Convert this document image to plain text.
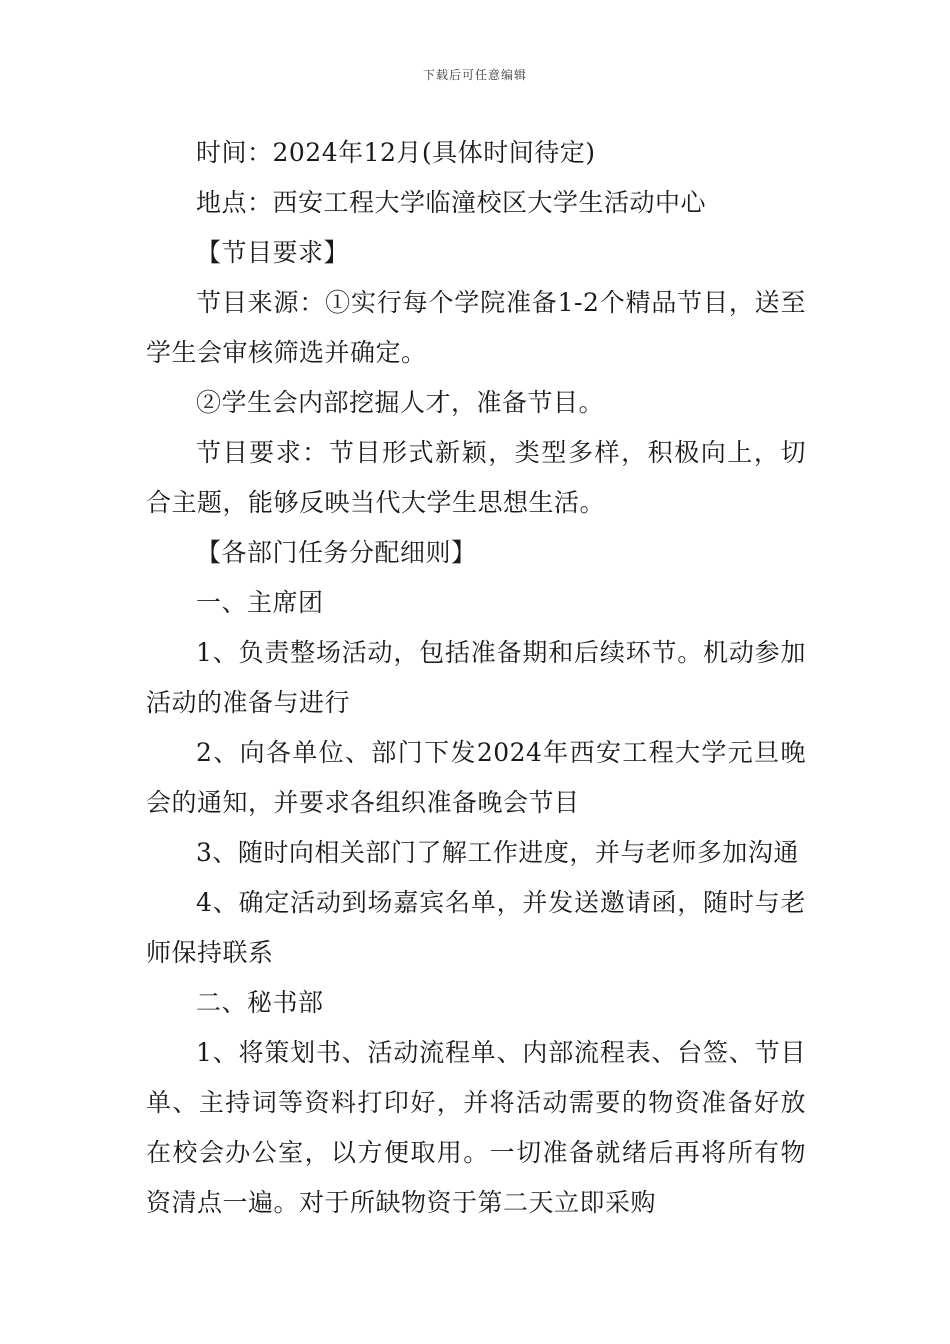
下载后可任意编辑

时间：2024年12月(具体时间待定)

地点：西安工程大学临潼校区大学生活动中心

【节目要求】

节目来源：①实行每个学院准备1-2个精品节目，送至学生会审核筛选并确定。

②学生会内部挖掘人才，准备节目。

节目要求：节目形式新颖，类型多样，积极向上，切合主题，能够反映当代大学生思想生活。

【各部门任务分配细则】

一、主席团

1、负责整场活动，包括准备期和后续环节。机动参加活动的准备与进行

2、向各单位、部门下发2024年西安工程大学元旦晚会的通知，并要求各组织准备晚会节目

3、随时向相关部门了解工作进度，并与老师多加沟通

4、确定活动到场嘉宾名单，并发送邀请函，随时与老师保持联系

二、秘书部

1、将策划书、活动流程单、内部流程表、台签、节目单、主持词等资料打印好，并将活动需要的物资准备好放在校会办公室，以方便取用。一切准备就绪后再将所有物资清点一遍。对于所缺物资于第二天立即采购
